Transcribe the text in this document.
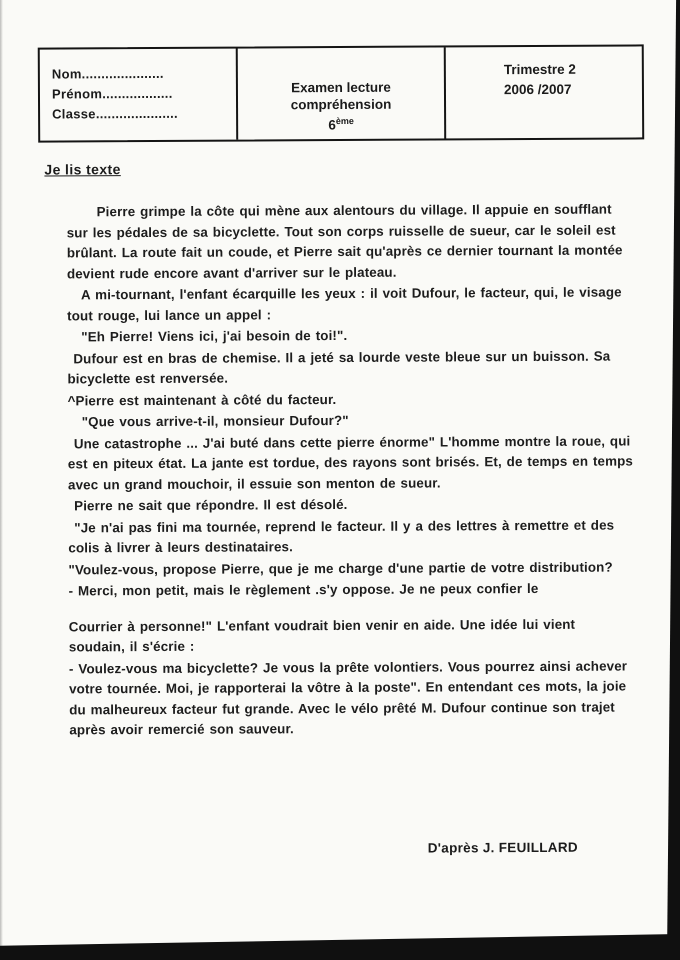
Nom.....................
Prénom..................
Classe.....................
Examen lecture
compréhension
6ème
Trimestre 2
2006 /2007
Je lis texte

Pierre grimpe la côte qui mène aux alentours du village. Il appuie en soufflant sur les pédales de sa bicyclette. Tout son corps ruisselle de sueur, car le soleil est brûlant. La route fait un coude, et Pierre sait qu'après ce dernier tournant la montée devient rude encore avant d'arriver sur le plateau.

A mi-tournant, l'enfant écarquille les yeux : il voit Dufour, le facteur, qui, le visage tout rouge, lui lance un appel :

"Eh Pierre! Viens ici, j'ai besoin de toi!".

Dufour est en bras de chemise. Il a jeté sa lourde veste bleue sur un buisson. Sa bicyclette est renversée.

^Pierre est maintenant à côté du facteur.

"Que vous arrive-t-il, monsieur Dufour?"

Une catastrophe ... J'ai buté dans cette pierre énorme" L'homme montre la roue, qui est en piteux état. La jante est tordue, des rayons sont brisés. Et, de temps en temps avec un grand mouchoir, il essuie son menton de sueur.

Pierre ne sait que répondre. Il est désolé.

"Je n'ai pas fini ma tournée, reprend le facteur. Il y a des lettres à remettre et des colis à livrer à leurs destinataires.

"Voulez-vous, propose Pierre, que je me charge d'une partie de votre distribution?

- Merci, mon petit, mais le règlement .s'y oppose. Je ne peux confier le

Courrier à personne!" L'enfant voudrait bien venir en aide. Une idée lui vient soudain, il s'écrie :

- Voulez-vous ma bicyclette? Je vous la prête volontiers. Vous pourrez ainsi achever votre tournée. Moi, je rapporterai la vôtre à la poste". En entendant ces mots, la joie du malheureux facteur fut grande. Avec le vélo prêté M. Dufour continue son trajet après avoir remercié son sauveur.

D'après J. FEUILLARD
